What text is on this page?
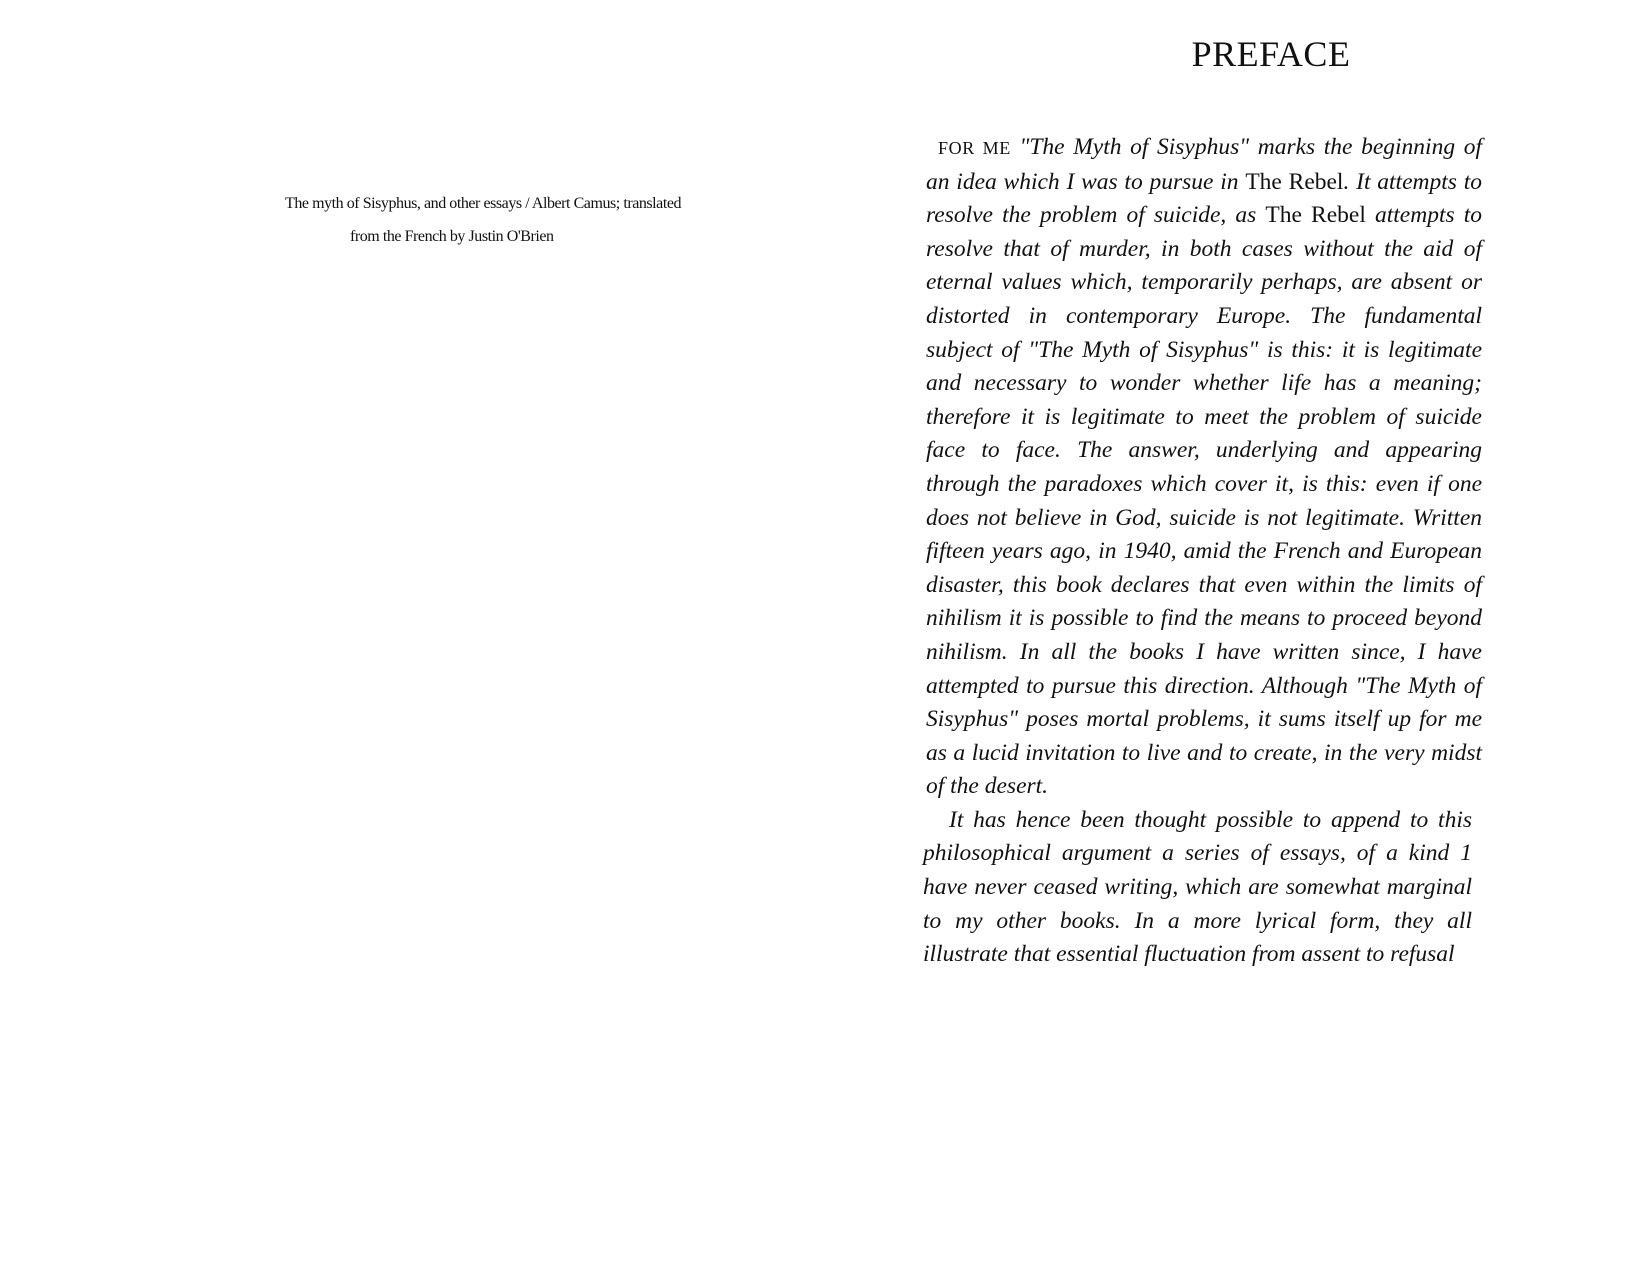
The myth of Sisyphus, and other essays / Albert Camus; translated
from the French by Justin O'Brien
PREFACE

FOR ME "The Myth of Sisyphus" marks the beginning of an idea which I was to pursue in The Rebel. It attempts to resolve the problem of suicide, as The Rebel attempts to resolve that of murder, in both cases without the aid of eternal values which, temporarily perhaps, are absent or distorted in contemporary Europe. The fundamental subject of "The Myth of Sisyphus" is this: it is legitimate and necessary to wonder whether life has a meaning; therefore it is legitimate to meet the problem of suicide face to face. The answer, underlying and appearing through the paradoxes which cover it, is this: even if one does not believe in God, suicide is not legitimate. Written fifteen years ago, in 1940, amid the French and European disaster, this book declares that even within the limits of nihilism it is possible to find the means to proceed beyond nihilism. In all the books I have written since, I have attempted to pursue this direction. Although "The Myth of Sisyphus" poses mortal problems, it sums itself up for me as a lucid invitation to live and to create, in the very midst of the desert.

It has hence been thought possible to append to this philosophical argument a series of essays, of a kind 1 have never ceased writing, which are somewhat marginal to my other books. In a more lyrical form, they all illustrate that essential fluctuation from assent to refusal
